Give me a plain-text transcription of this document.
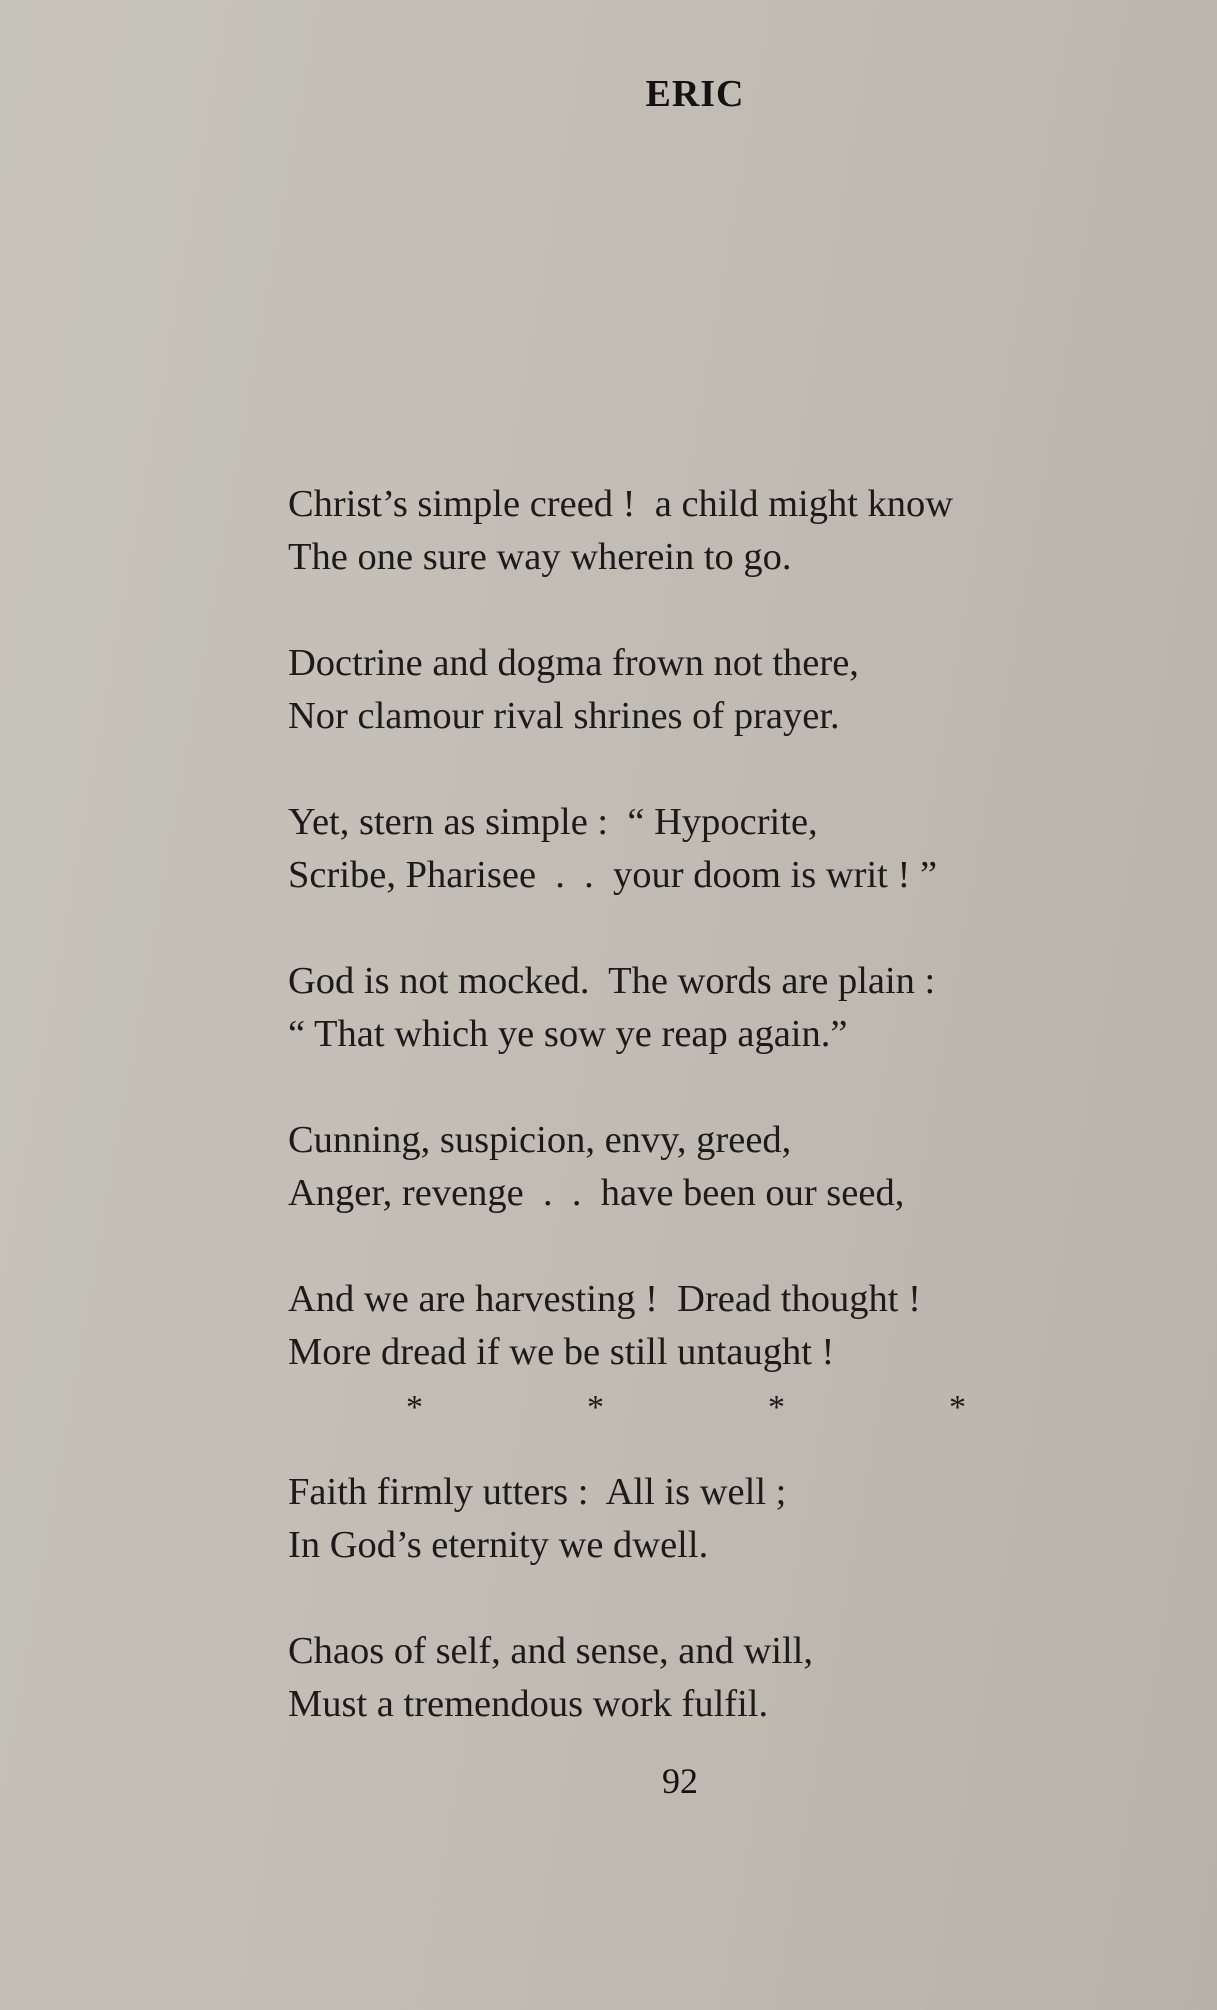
ERIC
Christ’s simple creed !  a child might know
The one sure way wherein to go.
Doctrine and dogma frown not there,
Nor clamour rival shrines of prayer.
Yet, stern as simple :  “ Hypocrite,
Scribe, Pharisee  .  .  your doom is writ ! ”
God is not mocked.  The words are plain :
“ That which ye sow ye reap again.”
Cunning, suspicion, envy, greed,
Anger, revenge  .  .  have been our seed,
And we are harvesting !  Dread thought !
More dread if we be still untaught !
*	*	*	*
Faith firmly utters :  All is well ;
In God’s eternity we dwell.
Chaos of self, and sense, and will,
Must a tremendous work fulfil.
92
